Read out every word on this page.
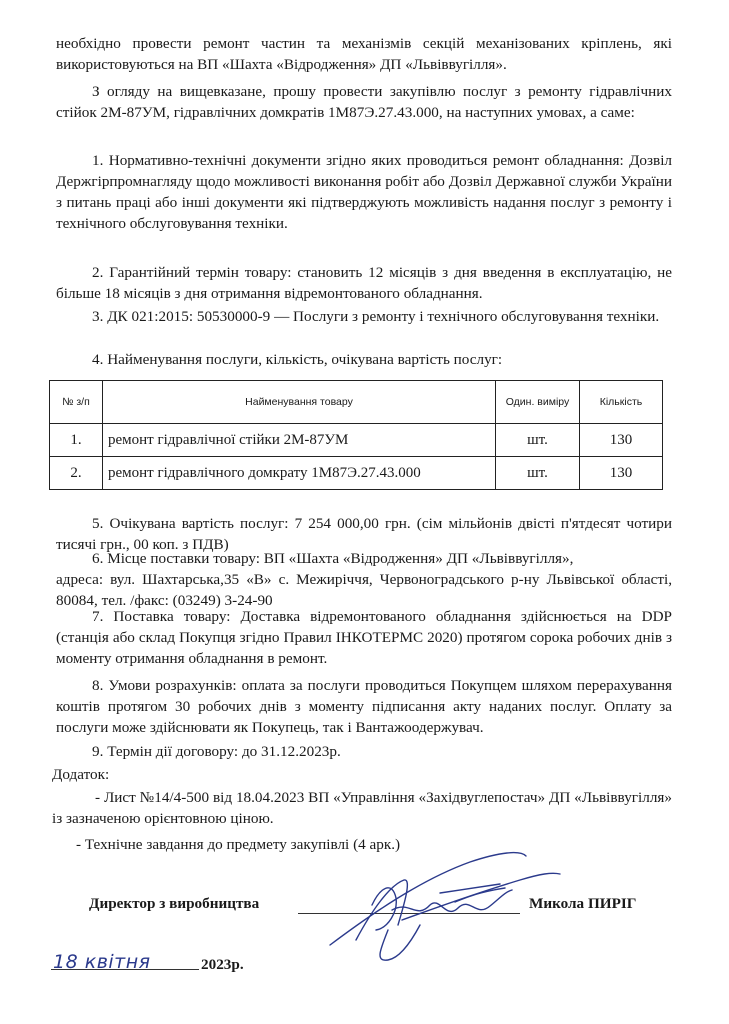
необхідно провести ремонт частин та механізмів секцій механізованих кріплень, які використовуються на ВП «Шахта «Відродження» ДП «Львіввугілля».

З огляду на вищевказане, прошу провести закупівлю послуг з ремонту гідравлічних стійок 2М-87УМ, гідравлічних домкратів 1М87Э.27.43.000, на наступних умовах, а саме:

1. Нормативно-технічні документи згідно яких проводиться ремонт обладнання: Дозвіл Держгірпромнагляду щодо можливості виконання робіт або Дозвіл Державної служби України з питань праці або інші документи які підтверджують можливість надання послуг з ремонту і технічного обслуговування техніки.

2. Гарантійний термін товару: становить 12 місяців з дня введення в експлуатацію, не більше 18 місяців з дня отримання відремонтованого обладнання.

3. ДК 021:2015: 50530000-9 — Послуги з ремонту і технічного обслуговування техніки.

4. Найменування послуги, кількість, очікувана вартість послуг:

№ з/п	Найменування товару	Один. виміру	Кількість
1.	ремонт гідравлічної стійки 2М-87УМ	шт.	130
2.	ремонт гідравлічного домкрату 1М87Э.27.43.000	шт.	130

5. Очікувана вартість послуг: 7 254 000,00 грн. (сім мільйонів двісті п'ятдесят чотири тисячі грн., 00 коп. з ПДВ)

6. Місце поставки товару: ВП «Шахта «Відродження» ДП «Львіввугілля»,

адреса: вул. Шахтарська,35 «В» с. Межиріччя, Червоноградського р-ну Львівської області, 80084, тел. /факс: (03249) 3-24-90

7. Поставка товару: Доставка відремонтованого обладнання здійснюється на DDP (станція або склад Покупця згідно Правил ІНКОТЕРМС 2020) протягом сорока робочих днів з моменту отримання обладнання в ремонт.

8. Умови розрахунків: оплата за послуги проводиться Покупцем шляхом перерахування коштів протягом 30 робочих днів з моменту підписання акту наданих послуг. Оплату за послуги може здійснювати як Покупець, так і Вантажоодержувач.

9. Термін дії договору: до 31.12.2023р.

Додаток:

- Лист №14/4-500 від 18.04.2023 ВП «Управління «Західвуглепостач» ДП «Львіввугілля» із зазначеною орієнтовною ціною.

- Технічне завдання до предмету закупівлі (4 арк.)

Директор з виробництва	Микола ПИРІГ
18 квітня	2023р.
